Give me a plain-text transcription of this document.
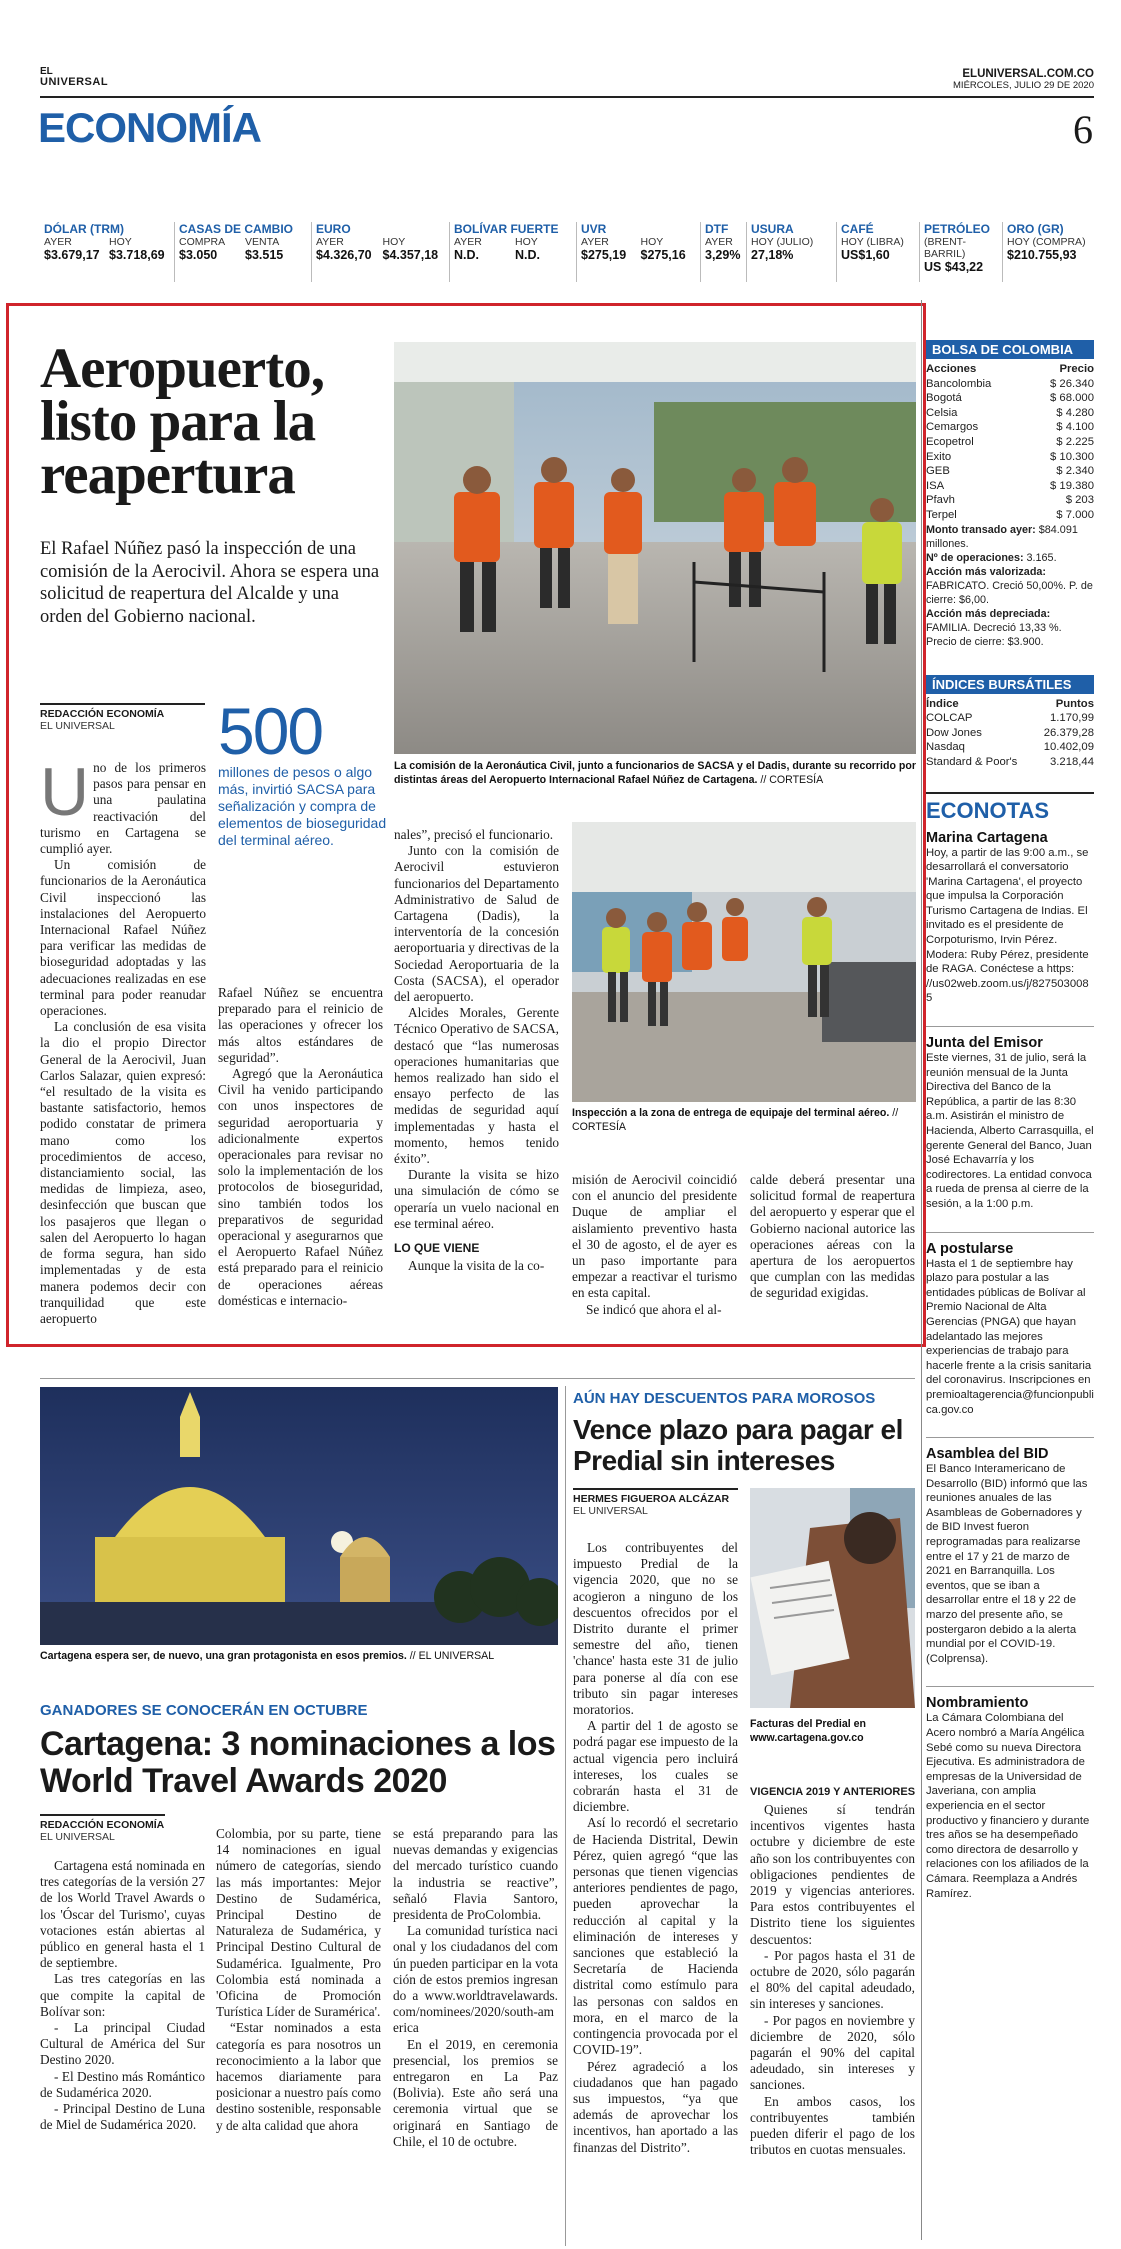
EL
UNIVERSAL
ELUNIVERSAL.COM.CO
MIÉRCOLES, JULIO 29 DE 2020
ECONOMÍA	6
DÓLAR (TRM)
AYER	HOY
$3.679,17 $3.718,69
CASAS DE CAMBIO
COMPRA	VENTA
$3.050	$3.515
EURO
AYER	HOY
$4.326,70 $4.357,18
BOLÍVAR FUERTE
AYER	HOY
N.D.	N.D.
UVR
AYER	HOY
$275,19	$275,16
DTF
AYER
3,29%
USURA
HOY (JULIO)
27,18%
CAFÉ
HOY (LIBRA)
US$1,60
PETRÓLEO
(BRENT-BARRIL)
US $43,22
ORO (GR)
HOY (COMPRA)
$210.755,93
Aeropuerto, listo para la reapertura
El Rafael Núñez pasó la inspección de una comisión de la Aerocivil. Ahora se espera una solicitud de reapertura del Alcalde y una orden del Gobierno nacional.
REDACCIÓN ECONOMÍA
EL UNIVERSAL	500
millones de pesos o algo más, invirtió SACSA para señalización y compra de elementos de bioseguridad del terminal aéreo.
U no de los primeros pasos para pensar en una paulatina reactivación del turismo en Cartagena se cumplió ayer.

Un comisión de funcionarios de la Aeronáutica Civil inspeccionó las instalaciones del Aeropuerto Internacional Rafael Núñez para verificar las medidas de bioseguridad adoptadas y las adecuaciones realizadas en ese terminal para poder reanudar operaciones.

La conclusión de esa visita la dio el propio Director General de la Aerocivil, Juan Carlos Salazar, quien expresó: “el resultado de la visita es bastante satisfactorio, hemos podido constatar de primera mano como los procedimientos de acceso, distanciamiento social, las medidas de limpieza, aseo, desinfección que buscan que los pasajeros que llegan o salen del Aeropuerto lo hagan de forma segura, han sido implementadas y de esta manera podemos decir con tranquilidad que este aeropuerto

Rafael Núñez se encuentra preparado para el reinicio de las operaciones y ofrecer los más altos estándares de seguridad”.

Agregó que la Aeronáutica Civil ha venido participando con unos inspectores de seguridad aeroportuaria y adicionalmente expertos operacionales para revisar no solo la implementación de los protocolos de bioseguridad, sino también todos los preparativos de seguridad operacional y asegurarnos que el Aeropuerto Rafael Núñez está preparado para el reinicio de operaciones aéreas domésticas e internacio-

La comisión de la Aeronáutica Civil, junto a funcionarios de SACSA y el Dadis, durante su recorrido por distintas áreas del Aeropuerto Internacional Rafael Núñez de Cartagena. // CORTESÍA

nales”, precisó el funcionario.

Junto con la comisión de Aerocivil estuvieron funcionarios del Departamento Administrativo de Salud de Cartagena (Dadis), la interventoría de la concesión aeroportuaria y directivas de la Sociedad Aeroportuaria de la Costa (SACSA), el operador del aeropuerto.

Alcides Morales, Gerente Técnico Operativo de SACSA, destacó que “las numerosas operaciones humanitarias que hemos realizado han sido el ensayo perfecto de las medidas de seguridad aquí implementadas y hasta el momento, hemos tenido éxito”.

Durante la visita se hizo una simulación de cómo se operaría un vuelo nacional en ese terminal aéreo.

LO QUE VIENE

Aunque la visita de la co-

Inspección a la zona de entrega de equipaje del terminal aéreo. // CORTESÍA

misión de Aerocivil coincidió con el anuncio del presidente Duque de ampliar el aislamiento preventivo hasta el 30 de agosto, el de ayer es un paso importante para empezar a reactivar el turismo en esta capital.

Se indicó que ahora el al-

calde deberá presentar una solicitud formal de reapertura del aeropuerto y esperar que el Gobierno nacional autorice las operaciones aéreas con la apertura de los aeropuertos que cumplan con las medidas de seguridad exigidas.

BOLSA DE COLOMBIA
Acciones	Precio
Bancolombia	$ 26.340
Bogotá	$ 68.000
Celsia	$ 4.280
Cemargos	$ 4.100
Ecopetrol	$ 2.225
Exito	$ 10.300
GEB	$ 2.340
ISA	$ 19.380
Pfavh	$ 203
Terpel	$ 7.000
Monto transado ayer: $84.091 millones.
Nº de operaciones: 3.165.
Acción más valorizada: FABRICATO. Creció 50,00%. P. de cierre: $6,00.
Acción más depreciada: FAMILIA. Decreció 13,33 %. Precio de cierre: $3.900.
ÍNDICES BURSÁTILES
Índice	Puntos
COLCAP	1.170,99
Dow Jones	26.379,28
Nasdaq	10.402,09
Standard & Poor's	3.218,44
ECONOTAS
Marina Cartagena
Hoy, a partir de las 9:00 a.m., se desarrollará el conversatorio 'Marina Cartagena', el proyecto que impulsa la Corporación Turismo Cartagena de Indias. El invitado es el presidente de Corpoturismo, Irvin Pérez. Modera: Ruby Pérez, presidente de RAGA. Conéctese a https: //us02web.zoom.us/j/8275030085
Junta del Emisor
Este viernes, 31 de julio, será la reunión mensual de la Junta Directiva del Banco de la República, a partir de las 8:30 a.m. Asistirán el ministro de Hacienda, Alberto Carrasquilla, el gerente General del Banco, Juan José Echavarría y los codirectores. La entidad convoca a rueda de prensa al cierre de la sesión, a la 1:00 p.m.
A postularse
Hasta el 1 de septiembre hay plazo para postular a las entidades públicas de Bolívar al Premio Nacional de Alta Gerencias (PNGA) que hayan adelantado las mejores experiencias de trabajo para hacerle frente a la crisis sanitaria del coronavirus. Inscripciones en premioaltagerencia@funcionpublica.gov.co
Asamblea del BID
El Banco Interamericano de Desarrollo (BID) informó que las reuniones anuales de las Asambleas de Gobernadores y de BID Invest fueron reprogramadas para realizarse entre el 17 y 21 de marzo de 2021 en Barranquilla. Los eventos, que se iban a desarrollar entre el 18 y 22 de marzo del presente año, se postergaron debido a la alerta mundial por el COVID-19. (Colprensa).
Nombramiento
La Cámara Colombiana del Acero nombró a María Angélica Sebé como su nueva Directora Ejecutiva. Es administradora de empresas de la Universidad de Javeriana, con amplia experiencia en el sector productivo y financiero y durante tres años se ha desempeñado como directora de desarrollo y relaciones con los afiliados de la Cámara. Reemplaza a Andrés Ramírez.
Cartagena espera ser, de nuevo, una gran protagonista en esos premios. // EL UNIVERSAL
GANADORES SE CONOCERÁN EN OCTUBRE
Cartagena: 3 nominaciones a los World Travel Awards 2020
REDACCIÓN ECONOMÍA
EL UNIVERSAL

Cartagena está nominada en tres categorías de la versión 27 de los World Travel Awards o los 'Óscar del Turismo', cuyas votaciones están abiertas al público en general hasta el 1 de septiembre.

Las tres categorías en las que compite la capital de Bolívar son:

- La principal Ciudad Cultural de América del Sur Destino 2020.

- El Destino más Romántico de Sudamérica 2020.

- Principal Destino de Luna de Miel de Sudamérica 2020.

Colombia, por su parte, tiene 14 nominaciones en igual número de categorías, siendo las más importantes: Mejor Destino de Sudamérica, Principal Destino de Naturaleza de Sudamérica, y Principal Destino Cultural de Sudamérica. Igualmente, Pro Colombia está nominada a 'Oficina de Promoción Turística Líder de Suramérica'.

“Estar nominados a esta categoría es para nosotros un reconocimiento a la labor que hacemos diariamente para posicionar a nuestro país como destino sostenible, responsable y de alta calidad que ahora

se está preparando para las nuevas demandas y exigencias del mercado turístico cuando la industria se reactive”, señaló Flavia Santoro, presidenta de ProColombia.

La comunidad turística nacional y los ciudadanos del común pueden participar en la votación de estos premios ingresando a www.worldtravelawards.com/nominees/2020/south-america

En el 2019, en ceremonia presencial, los premios se entregaron en La Paz (Bolivia). Este año será una ceremonia virtual que se originará en Santiago de Chile, el 10 de octubre.

AÚN HAY DESCUENTOS PARA MOROSOS
Vence plazo para pagar el Predial sin intereses
HERMES FIGUEROA ALCÁZAR
EL UNIVERSAL

Los contribuyentes del impuesto Predial de la vigencia 2020, que no se acogieron a ninguno de los descuentos ofrecidos por el Distrito durante el primer semestre del año, tienen 'chance' hasta este 31 de julio para ponerse al día con ese tributo sin pagar intereses moratorios.

A partir del 1 de agosto se podrá pagar ese impuesto de la actual vigencia pero incluirá intereses, los cuales se cobrarán hasta el 31 de diciembre.

Así lo recordó el secretario de Hacienda Distrital, Dewin Pérez, quien agregó “que las personas que tienen vigencias anteriores pendientes de pago, pueden aprovechar la reducción al capital y la eliminación de intereses y sanciones que estableció la Secretaría de Hacienda distrital como estímulo para las personas con saldos en mora, en el marco de la contingencia provocada por el COVID-19”.

Pérez agradeció a los ciudadanos que han pagado sus impuestos, “ya que además de aprovechar los incentivos, han aportado a las finanzas del Distrito”.

Facturas del Predial en www.cartagena.gov.co
VIGENCIA 2019 Y ANTERIORES

Quienes sí tendrán incentivos vigentes hasta octubre y diciembre de este año son los contribuyentes con obligaciones pendientes de 2019 y vigencias anteriores. Para estos contribuyentes el Distrito tiene los siguientes descuentos:

- Por pagos hasta el 31 de octubre de 2020, sólo pagarán el 80% del capital adeudado, sin intereses y sanciones.

- Por pagos en noviembre y diciembre de 2020, sólo pagarán el 90% del capital adeudado, sin intereses y sanciones.

En ambos casos, los contribuyentes también pueden diferir el pago de los tributos en cuotas mensuales.
